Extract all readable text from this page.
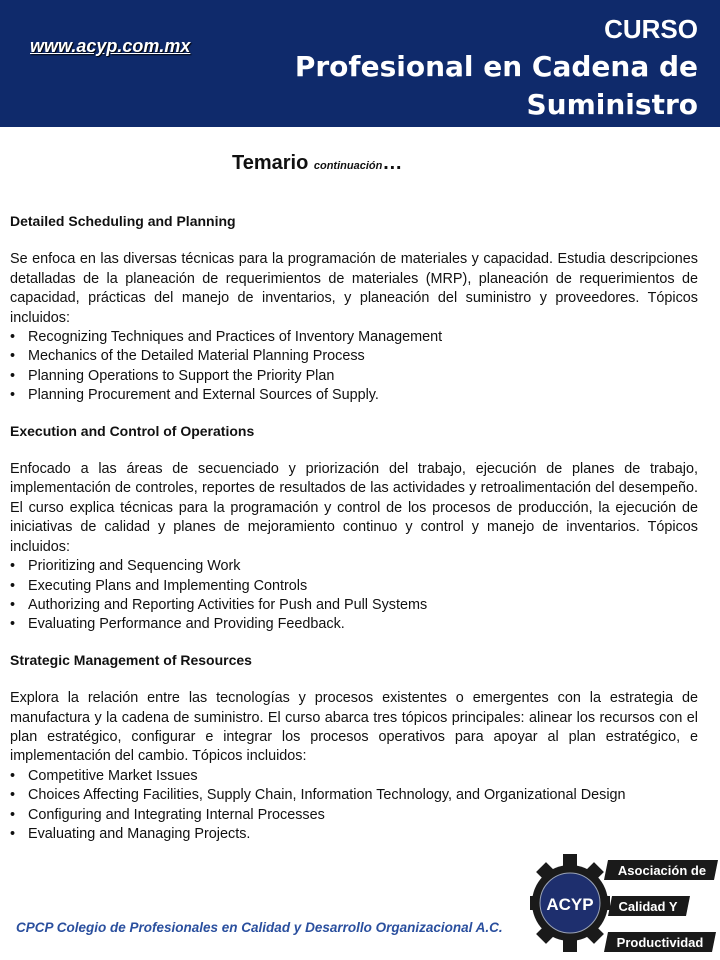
www.acyp.com.mx
CURSO
Profesional en Cadena de
Suministro
Temario continuación…

Detailed Scheduling and Planning

Se enfoca en las diversas técnicas para la programación de materiales y capacidad. Estudia descripciones detalladas de la planeación de requerimientos de materiales (MRP), planeación de requerimientos de capacidad, prácticas del manejo de inventarios, y planeación del suministro y proveedores. Tópicos incluidos:

• Recognizing Techniques and Practices of Inventory Management
• Mechanics of the Detailed Material Planning Process
• Planning Operations to Support the Priority Plan
• Planning Procurement and External Sources of Supply.

Execution and Control of Operations

Enfocado a las áreas de secuenciado y priorización del trabajo, ejecución de planes de trabajo, implementación de controles, reportes de resultados de las actividades y retroalimentación del desempeño. El curso explica técnicas para la programación y control de los procesos de producción, la ejecución de iniciativas de calidad y planes de mejoramiento continuo y control y manejo de inventarios. Tópicos incluidos:

• Prioritizing and Sequencing Work
• Executing Plans and Implementing Controls
• Authorizing and Reporting Activities for Push and Pull Systems
• Evaluating Performance and Providing Feedback.

Strategic Management of Resources

Explora la relación entre las tecnologías y procesos existentes o emergentes con la estrategia de manufactura y la cadena de suministro. El curso abarca tres tópicos principales: alinear los recursos con el plan estratégico, configurar e integrar los procesos operativos para apoyar al plan estratégico, e implementación del cambio. Tópicos incluidos:

• Competitive Market Issues
• Choices Affecting Facilities, Supply Chain, Information Technology, and Organizational Design
• Configuring and Integrating Internal Processes
• Evaluating and Managing Projects.
CPCP Colegio de Profesionales en Calidad y Desarrollo Organizacional A.C.
ACYP
Asociación de
Calidad Y
Productividad
